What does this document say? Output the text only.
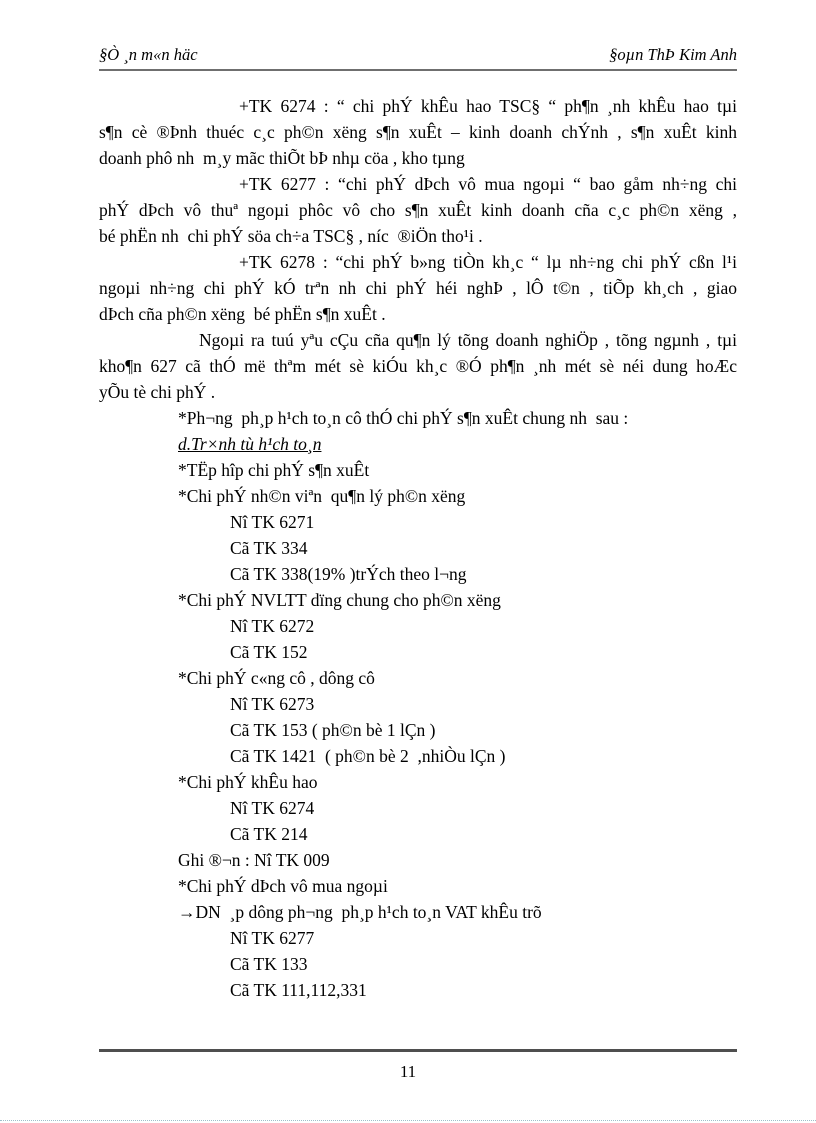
§Ò ¸n m«n häc	§oµn ThÞ Kim Anh
+TK 6274 : “ chi phÝ khÊu hao TSC§ “ ph¶n ¸nh khÊu hao tµi
s¶n cè ®Þnh thuéc c¸c ph©n xëng s¶n xuÊt – kinh doanh chÝnh , s¶n xuÊt kinh
doanh phô nh  m¸y mãc thiÕt bÞ nhµ cöa , kho tµng
+TK 6277 : “chi phÝ dÞch vô mua ngoµi “ bao gåm nh÷ng chi
phÝ dÞch vô thuª ngoµi phôc vô cho s¶n xuÊt kinh doanh cña c¸c ph©n xëng ,
bé phËn nh  chi phÝ söa ch÷a TSC§ , níc  ®iÖn tho¹i .
+TK 6278 : “chi phÝ b»ng tiÒn kh¸c “ lµ nh÷ng chi phÝ cßn l¹i
ngoµi nh÷ng chi phÝ kÓ trªn nh chi phÝ héi nghÞ , lÔ t©n , tiÕp kh¸ch , giao
dÞch cña ph©n xëng  bé phËn s¶n xuÊt .
Ngoµi ra tuú yªu cÇu cña qu¶n lý tõng doanh nghiÖp , tõng ngµnh , tµi
kho¶n 627 cã thÓ më thªm mét sè kiÓu kh¸c ®Ó ph¶n ¸nh mét sè néi dung hoÆc
yÕu tè chi phÝ .
*Ph¬ng  ph¸p h¹ch to¸n cô thÓ chi phÝ s¶n xuÊt chung nh  sau :
d.Tr×nh tù h¹ch to¸n
*TËp hîp chi phÝ s¶n xuÊt
*Chi phÝ nh©n viªn  qu¶n lý ph©n xëng
Nî TK 6271
Cã TK 334
Cã TK 338(19% )trÝch theo l¬ng
*Chi phÝ NVLTT dïng chung cho ph©n xëng
Nî TK 6272
Cã TK 152
*Chi phÝ c«ng cô , dông cô
Nî TK 6273
Cã TK 153 ( ph©n bè 1 lÇn )
Cã TK 1421  ( ph©n bè 2  ,nhiÒu lÇn )
*Chi phÝ khÊu hao
Nî TK 6274
Cã TK 214
Ghi ®¬n : Nî TK 009
*Chi phÝ dÞch vô mua ngoµi
→DN  ¸p dông ph¬ng  ph¸p h¹ch to¸n VAT khÊu trõ
Nî TK 6277
Cã TK 133
Cã TK 111,112,331
11
